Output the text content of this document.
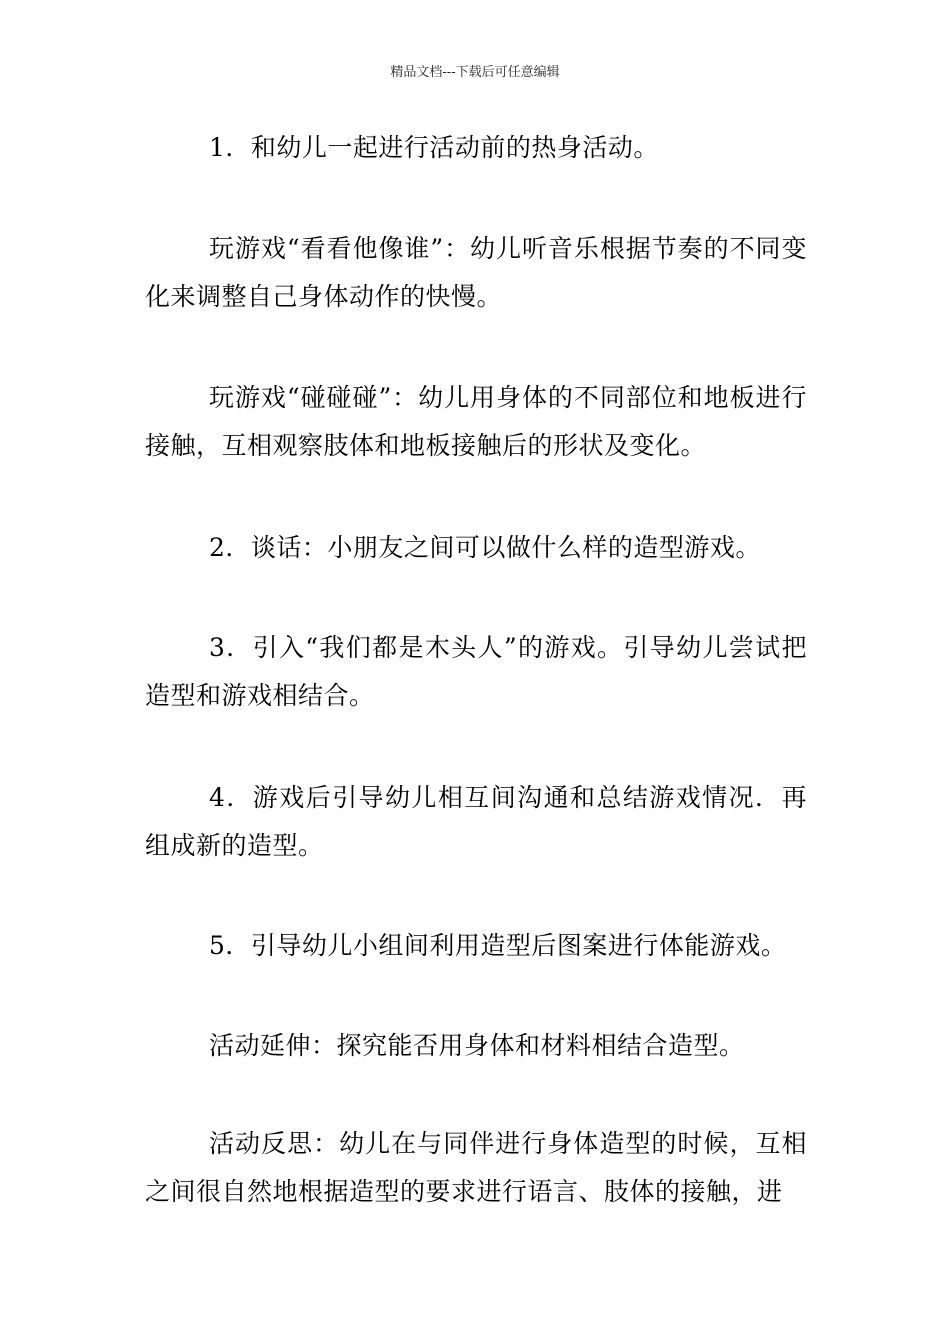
精品文档---下载后可任意编辑

1．和幼儿一起进行活动前的热身活动。

玩游戏“看看他像谁”：幼儿听音乐根据节奏的不同变化来调整自己身体动作的快慢。

玩游戏“碰碰碰”：幼儿用身体的不同部位和地板进行接触，互相观察肢体和地板接触后的形状及变化。

2．谈话：小朋友之间可以做什么样的造型游戏。

3．引入“我们都是木头人”的游戏。引导幼儿尝试把造型和游戏相结合。

4．游戏后引导幼儿相互间沟通和总结游戏情况．再组成新的造型。

5．引导幼儿小组间利用造型后图案进行体能游戏。

活动延伸：探究能否用身体和材料相结合造型。

活动反思：幼儿在与同伴进行身体造型的时候，互相之间很自然地根据造型的要求进行语言、肢体的接触，进
